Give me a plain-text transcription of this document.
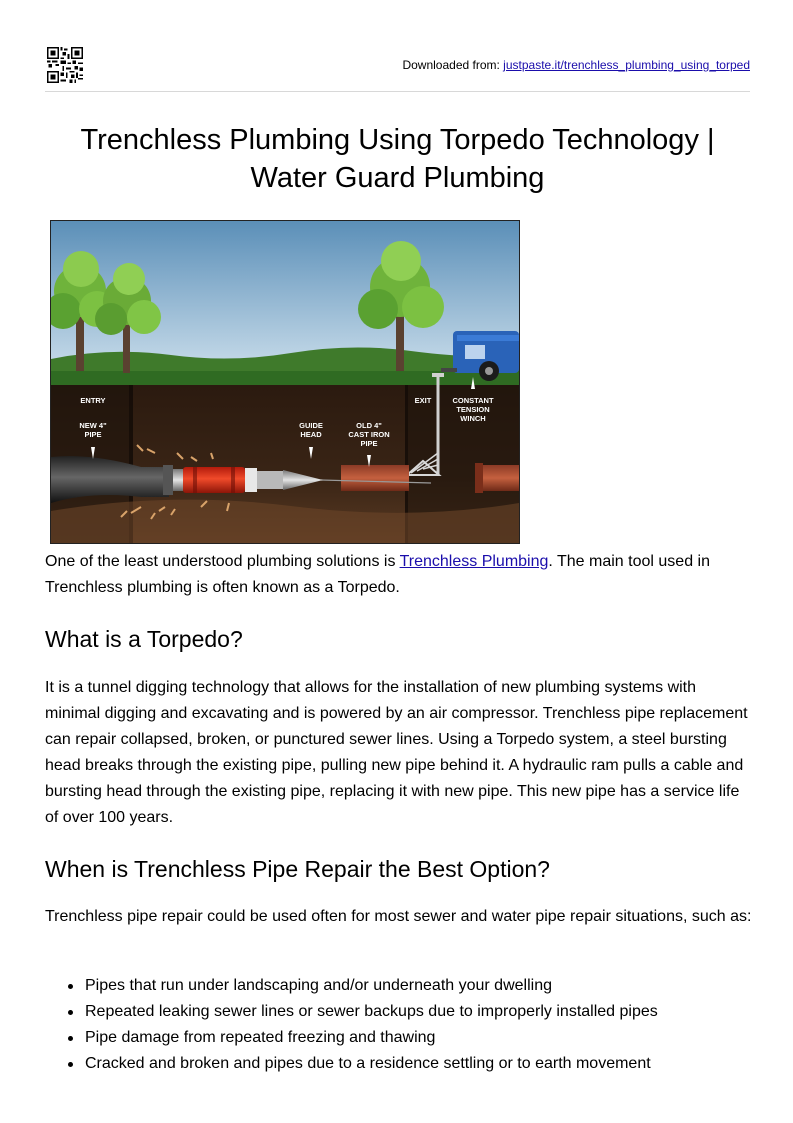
Downloaded from: justpaste.it/trenchless_plumbing_using_torped
Trenchless Plumbing Using Torpedo Technology | Water Guard Plumbing
ENTRY
NEW 4"
PIPE
GUIDE
HEAD
OLD 4"
CAST IRON
PIPE
EXIT	CONSTANT
TENSION
WINCH

One of the least understood plumbing solutions is Trenchless Plumbing. The main tool used in Trenchless plumbing is often known as a Torpedo.

What is a Torpedo?

It is a tunnel digging technology that allows for the installation of new plumbing systems with minimal digging and excavating and is powered by an air compressor. Trenchless pipe replacement can repair collapsed, broken, or punctured sewer lines. Using a Torpedo system, a steel bursting head breaks through the existing pipe, pulling new pipe behind it. A hydraulic ram pulls a cable and bursting head through the existing pipe, replacing it with new pipe. This new pipe has a service life of over 100 years.

When is Trenchless Pipe Repair the Best Option?

Trenchless pipe repair could be used often for most sewer and water pipe repair situations, such as:

Pipes that run under landscaping and/or underneath your dwelling
Repeated leaking sewer lines or sewer backups due to improperly installed pipes
Pipe damage from repeated freezing and thawing
Cracked and broken and pipes due to a residence settling or to earth movement
